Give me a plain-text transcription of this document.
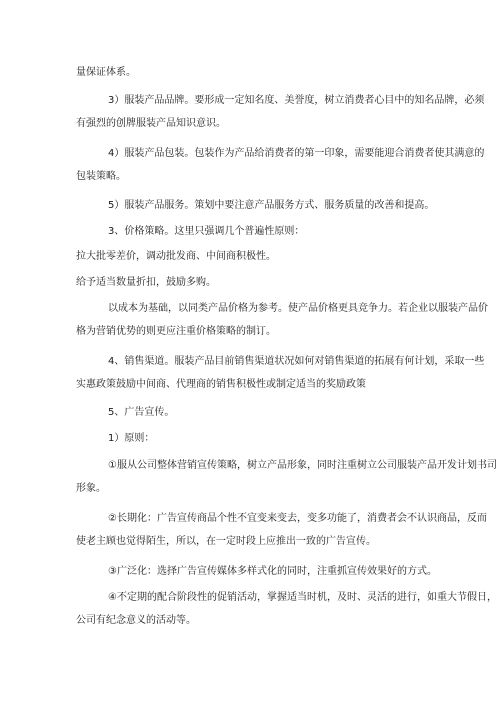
量保证体系。
3）服装产品品牌。要形成一定知名度、美誉度，树立消费者心目中的知名品牌，必须
有强烈的创牌服装产品知识意识。
4）服装产品包装。包装作为产品给消费者的第一印象，需要能迎合消费者使其满意的
包装策略。
5）服装产品服务。策划中要注意产品服务方式、服务质量的改善和提高。
3、价格策略。这里只强调几个普遍性原则：
拉大批零差价，调动批发商、中间商积极性。
给予适当数量折扣，鼓励多购。
以成本为基础，以同类产品价格为参考。使产品价格更具竞争力。若企业以服装产品价
格为营销优势的则更应注重价格策略的制订。
4、销售渠道。服装产品目前销售渠道状况如何对销售渠道的拓展有何计划，采取一些
实惠政策鼓励中间商、代理商的销售积极性或制定适当的奖励政策
5、广告宣传。
1）原则：
①服从公司整体营销宣传策略，树立产品形象，同时注重树立公司服装产品开发计划书司
形象。
②长期化：广告宣传商品个性不宜变来变去，变多功能了，消费者会不认识商品，反而
使老主顾也觉得陌生，所以，在一定时段上应推出一致的广告宣传。
③广泛化：选择广告宣传媒体多样式化的同时，注重抓宣传效果好的方式。
④不定期的配合阶段性的促销活动，掌握适当时机，及时、灵活的进行，如重大节假日，
公司有纪念意义的活动等。
